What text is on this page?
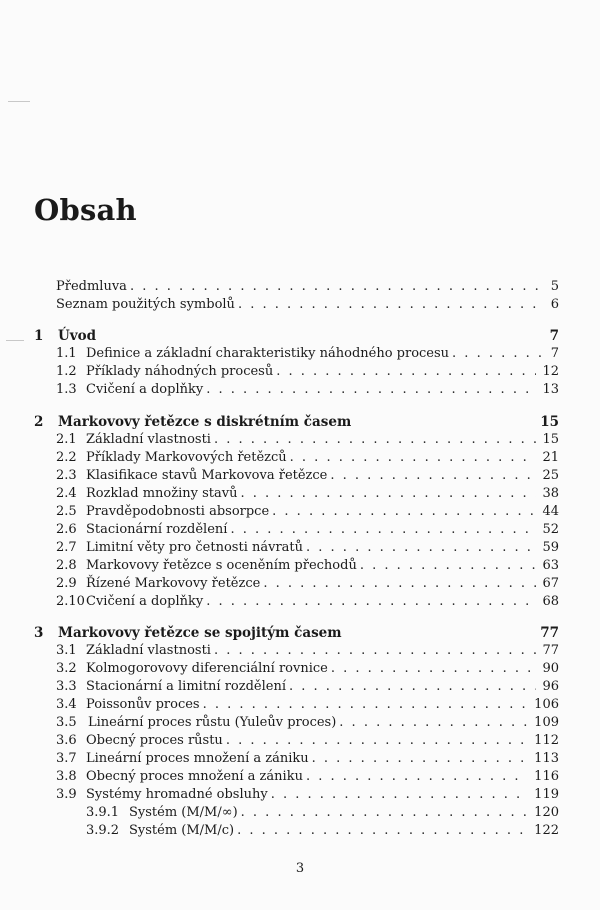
Obsah
Předmluva . . .	5
Seznam použitých symbolů . . .	6
1	Úvod	7
1.1 Definice a základní charakteristiky náhodného procesu . . .	7
1.2 Příklady náhodných procesů . . .	12
1.3 Cvičení a doplňky . . .	13
2	Markovovy řetězce s diskrétním časem	15
2.1 Základní vlastnosti . . .	15
2.2 Příklady Markovových řetězců . . .	21
2.3 Klasifikace stavů Markovova řetězce . . .	25
2.4 Rozklad množiny stavů . . .	38
2.5 Pravděpodobnosti absorpce . . .	44
2.6 Stacionární rozdělení . . .	52
2.7 Limitní věty pro četnosti návratů . . .	59
2.8 Markovovy řetězce s oceněním přechodů . . .	63
2.9 Řízené Markovovy řetězce . . .	67
2.10 Cvičení a doplňky . . .	68
3	Markovovy řetězce se spojitým časem	77
3.1 Základní vlastnosti . . .	77
3.2 Kolmogorovovy diferenciální rovnice . . .	90
3.3 Stacionární a limitní rozdělení . . .	96
3.4 Poissonův proces . . .	106
3.5 Lineární proces růstu (Yuleův proces) . . .	109
3.6 Obecný proces růstu . . .	112
3.7 Lineární proces množení a zániku . . .	113
3.8 Obecný proces množení a zániku . . .	116
3.9 Systémy hromadné obsluhy . . .	119
3.9.1 Systém (M/M/∞) . . .	120
3.9.2 Systém (M/M/c) . . .	122
3
